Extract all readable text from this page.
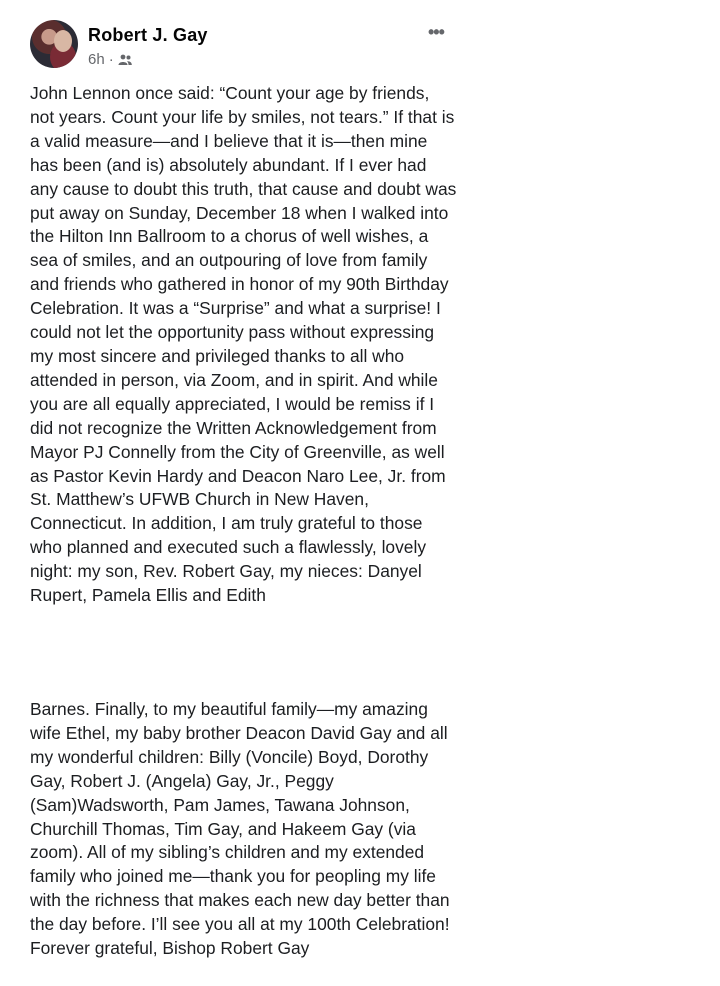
Robert J. Gay
6h ·
•••
John Lennon once said: “Count your age by friends, not years. Count your life by smiles, not tears.” If that is a valid measure—and I believe that it is—then mine has been (and is) absolutely abundant. If I ever had any cause to doubt this truth, that cause and doubt was put away on Sunday, December 18 when I walked into the Hilton Inn Ballroom to a chorus of well wishes, a sea of smiles, and an outpouring of love from family and friends who gathered in honor of my 90th Birthday Celebration. It was a “Surprise” and what a surprise! I could not let the opportunity pass without expressing my most sincere and privileged thanks to all who attended in person, via Zoom, and in spirit. And while you are all equally appreciated, I would be remiss if I did not recognize the Written Acknowledgement from Mayor PJ Connelly from the City of Greenville, as well as Pastor Kevin Hardy and Deacon Naro Lee, Jr. from St. Matthew’s UFWB Church in New Haven, Connecticut. In addition, I am truly grateful to those who planned and executed such a flawlessly, lovely night: my son, Rev. Robert Gay, my nieces: Danyel Rupert, Pamela Ellis and Edith
Barnes. Finally, to my beautiful family—my amazing wife Ethel, my baby brother Deacon David Gay and all my wonderful children: Billy (Voncile) Boyd, Dorothy Gay, Robert J. (Angela) Gay, Jr., Peggy (Sam)Wadsworth, Pam James, Tawana Johnson, Churchill Thomas, Tim Gay, and Hakeem Gay (via zoom). All of my sibling’s children and my extended family who joined me—thank you for peopling my life with the richness that makes each new day better than the day before. I’ll see you all at my 100th Celebration! Forever grateful, Bishop Robert Gay
